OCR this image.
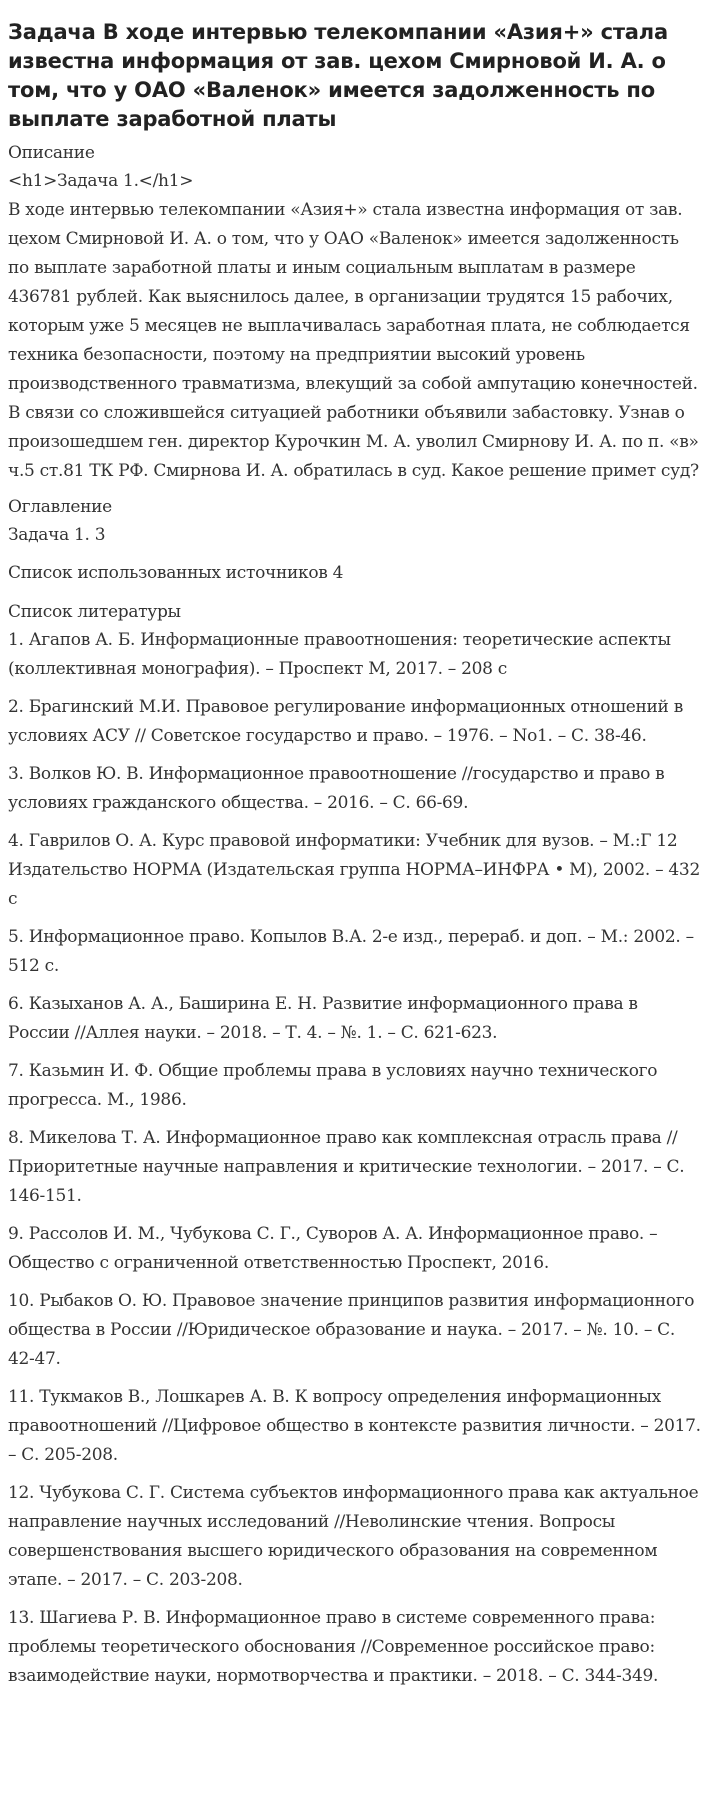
Задача В ходе интервью телекомпании «Азия+» стала известна информация от зав. цехом Смирновой И. А. о том, что у ОАО «Валенок» имеется задолженность по выплате заработной платы
Описание
<h1>Задача 1.</h1>
В ходе интервью телекомпании «Азия+» стала известна информация от зав. цехом Смирновой И. А. о том, что у ОАО «Валенок» имеется задолженность по выплате заработной платы и иным социальным выплатам в размере 436781 рублей. Как выяснилось далее, в организации трудятся 15 рабочих, которым уже 5 месяцев не выплачивалась заработная плата, не соблюдается техника безопасности, поэтому на предприятии высокий уровень производственного травматизма, влекущий за собой ампутацию конечностей. В связи со сложившейся ситуацией работники объявили забастовку. Узнав о произошедшем ген. директор Курочкин М. А. уволил Смирнову И. А. по п. «в» ч.5 ст.81 ТК РФ. Смирнова И. А. обратилась в суд. Какое решение примет суд?
Оглавление
Задача 1. 3
Список использованных источников 4
Список литературы
1. Агапов А. Б. Информационные правоотношения: теоретические аспекты (коллективная монография). – Проспект М, 2017. – 208 с
2. Брагинский М.И. Правовое регулирование информационных отношений в условиях АСУ // Советское государство и право. – 1976. – No1. – С. 38-46.
3. Волков Ю. В. Информационное правоотношение //государство и право в условиях гражданского общества. – 2016. – С. 66-69.
4. Гаврилов О. А. Курс правовой информатики: Учебник для вузов. – М.:Г 12 Издательство НОРМА (Издательская группа НОРМА–ИНФРА • М), 2002. – 432 с
5. Информационное право. Копылов В.А. 2-е изд., перераб. и доп. – М.: 2002. – 512 с.
6. Казыханов А. А., Баширина Е. Н. Развитие информационного права в России //Аллея науки. – 2018. – Т. 4. – №. 1. – С. 621-623.
7. Казьмин И. Ф. Общие проблемы права в условиях научно технического прогресса. М., 1986.
8. Микелова Т. А. Информационное право как комплексная отрасль права //Приоритетные научные направления и критические технологии. – 2017. – С. 146-151.
9. Рассолов И. М., Чубукова С. Г., Суворов А. А. Информационное право. – Общество с ограниченной ответственностью Проспект, 2016.
10. Рыбаков О. Ю. Правовое значение принципов развития информационного общества в России //Юридическое образование и наука. – 2017. – №. 10. – С. 42-47.
11. Тукмаков В., Лошкарев А. В. К вопросу определения информационных правоотношений //Цифровое общество в контексте развития личности. – 2017. – С. 205-208.
12. Чубукова С. Г. Система субъектов информационного права как актуальное направление научных исследований //Неволинские чтения. Вопросы совершенствования высшего юридического образования на современном этапе. – 2017. – С. 203-208.
13. Шагиева Р. В. Информационное право в системе современного права: проблемы теоретического обоснования //Современное российское право: взаимодействие науки, нормотворчества и практики. – 2018. – С. 344-349.
